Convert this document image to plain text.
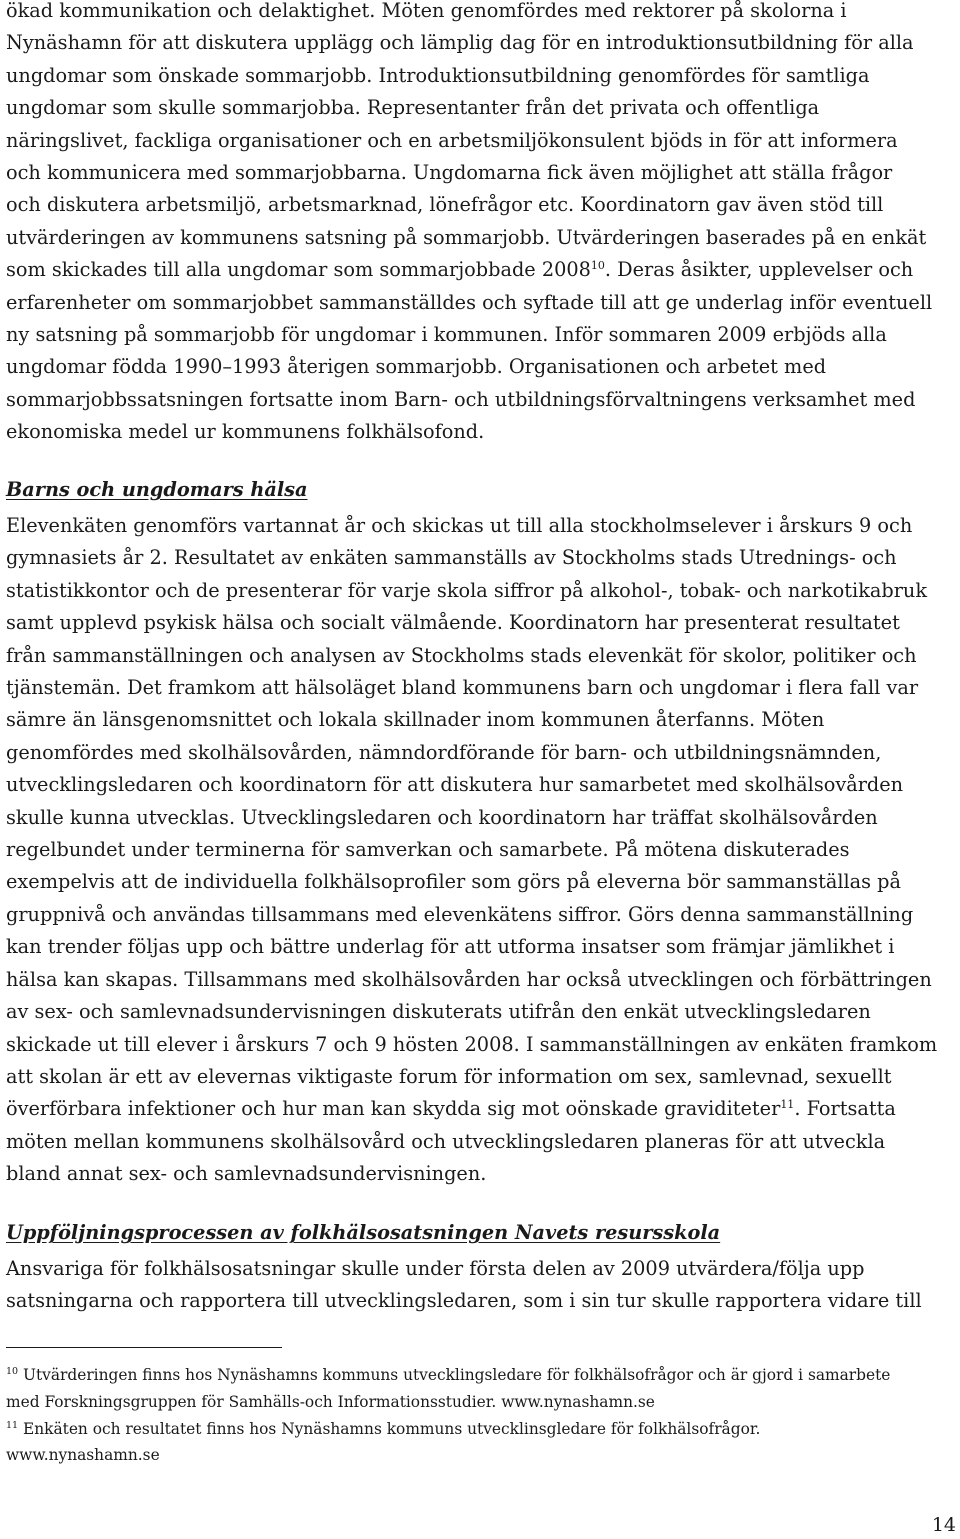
ökad kommunikation och delaktighet. Möten genomfördes med rektorer på skolorna i
Nynäshamn för att diskutera upplägg och lämplig dag för en introduktionsutbildning för alla
ungdomar som önskade sommarjobb. Introduktionsutbildning genomfördes för samtliga
ungdomar som skulle sommarjobba. Representanter från det privata och offentliga
näringslivet, fackliga organisationer och en arbetsmiljökonsulent bjöds in för att informera
och kommunicera med sommarjobbarna. Ungdomarna fick även möjlighet att ställa frågor
och diskutera arbetsmiljö, arbetsmarknad, lönefrågor etc. Koordinatorn gav även stöd till
utvärderingen av kommunens satsning på sommarjobb. Utvärderingen baserades på en enkät
som skickades till alla ungdomar som sommarjobbade 2008$^{10}$. Deras åsikter, upplevelser och
erfarenheter om sommarjobbet sammanställdes och syftade till att ge underlag inför eventuell
ny satsning på sommarjobb för ungdomar i kommunen. Inför sommaren 2009 erbjöds alla
ungdomar födda 1990–1993 återigen sommarjobb. Organisationen och arbetet med
sommarjobbssatsningen fortsatte inom Barn- och utbildningsförvaltningens verksamhet med
ekonomiska medel ur kommunens folkhälsofond.
Barns och ungdomars hälsa
Elevenkäten genomförs vartannat år och skickas ut till alla stockholmselever i årskurs 9 och
gymnasiets år 2. Resultatet av enkäten sammanställs av Stockholms stads Utrednings- och
statistikkontor och de presenterar för varje skola siffror på alkohol-, tobak- och narkotikabruk
samt upplevd psykisk hälsa och socialt välmående. Koordinatorn har presenterat resultatet
från sammanställningen och analysen av Stockholms stads elevenkät för skolor, politiker och
tjänstemän. Det framkom att hälsoläget bland kommunens barn och ungdomar i flera fall var
sämre än länsgenomsnittet och lokala skillnader inom kommunen återfanns. Möten
genomfördes med skolhälsovården, nämndordförande för barn- och utbildningsnämnden,
utvecklingsledaren och koordinatorn för att diskutera hur samarbetet med skolhälsovården
skulle kunna utvecklas. Utvecklingsledaren och koordinatorn har träffat skolhälsovården
regelbundet under terminerna för samverkan och samarbete. På mötena diskuterades
exempelvis att de individuella folkhälsoprofiler som görs på eleverna bör sammanställas på
gruppnivå och användas tillsammans med elevenkätens siffror. Görs denna sammanställning
kan trender följas upp och bättre underlag för att utforma insatser som främjar jämlikhet i
hälsa kan skapas. Tillsammans med skolhälsovården har också utvecklingen och förbättringen
av sex- och samlevnadsundervisningen diskuterats utifrån den enkät utvecklingsledaren
skickade ut till elever i årskurs 7 och 9 hösten 2008. I sammanställningen av enkäten framkom
att skolan är ett av elevernas viktigaste forum för information om sex, samlevnad, sexuellt
överförbara infektioner och hur man kan skydda sig mot oönskade graviditeter$^{11}$. Fortsatta
möten mellan kommunens skolhälsovård och utvecklingsledaren planeras för att utveckla
bland annat sex- och samlevnadsundervisningen.
Uppföljningsprocessen av folkhälsosatsningen Navets resursskola
Ansvariga för folkhälsosatsningar skulle under första delen av 2009 utvärdera/följa upp
satsningarna och rapportera till utvecklingsledaren, som i sin tur skulle rapportera vidare till
$^{10}$ Utvärderingen finns hos Nynäshamns kommuns utvecklingsledare för folkhälsofrågor och är gjord i samarbete
med Forskningsgruppen för Samhälls-och Informationsstudier. www.nynashamn.se
$^{11}$ Enkäten och resultatet finns hos Nynäshamns kommuns utvecklinsgledare för folkhälsofrågor.
www.nynashamn.se
14
